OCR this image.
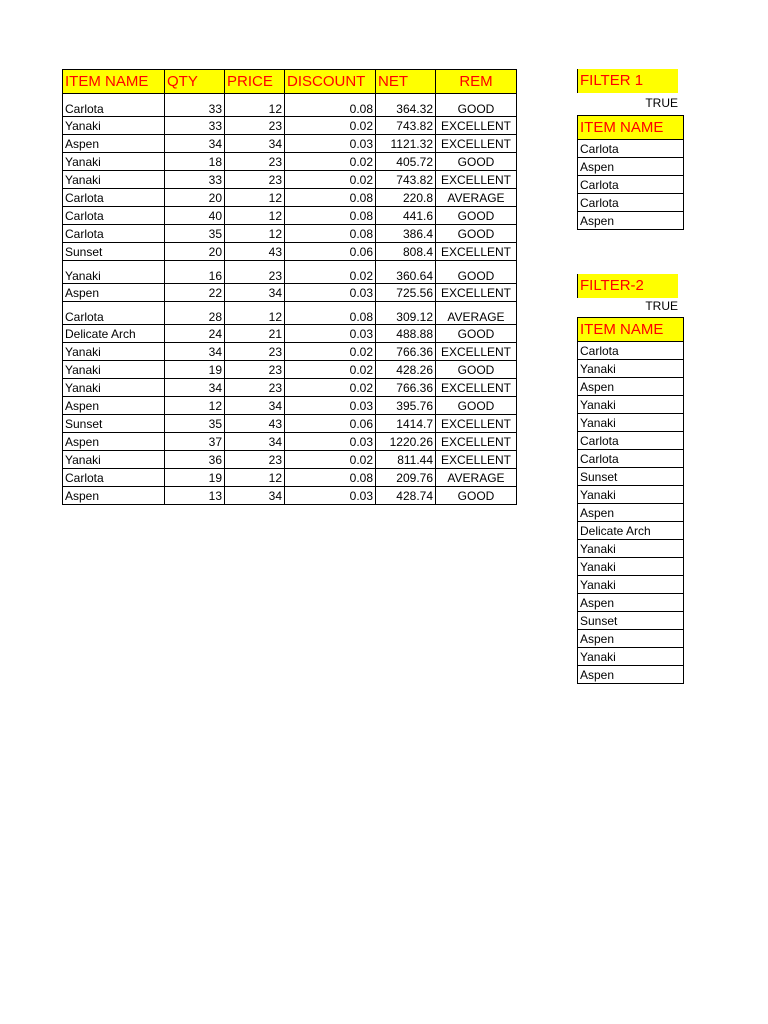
ITEM NAME	QTY	PRICE	DISCOUNT	NET	REM
Carlota	33	12	0.08	364.32	GOOD
Yanaki	33	23	0.02	743.82	EXCELLENT
Aspen	34	34	0.03	1121.32	EXCELLENT
Yanaki	18	23	0.02	405.72	GOOD
Yanaki	33	23	0.02	743.82	EXCELLENT
Carlota	20	12	0.08	220.8	AVERAGE
Carlota	40	12	0.08	441.6	GOOD
Carlota	35	12	0.08	386.4	GOOD
Sunset	20	43	0.06	808.4	EXCELLENT
Yanaki	16	23	0.02	360.64	GOOD
Aspen	22	34	0.03	725.56	EXCELLENT
Carlota	28	12	0.08	309.12	AVERAGE
Delicate Arch	24	21	0.03	488.88	GOOD
Yanaki	34	23	0.02	766.36	EXCELLENT
Yanaki	19	23	0.02	428.26	GOOD
Yanaki	34	23	0.02	766.36	EXCELLENT
Aspen	12	34	0.03	395.76	GOOD
Sunset	35	43	0.06	1414.7	EXCELLENT
Aspen	37	34	0.03	1220.26	EXCELLENT
Yanaki	36	23	0.02	811.44	EXCELLENT
Carlota	19	12	0.08	209.76	AVERAGE
Aspen	13	34	0.03	428.74	GOOD
FILTER 1
TRUE
ITEM NAME
Carlota
Aspen
Carlota
Carlota
Aspen
FILTER-2
TRUE
ITEM NAME
Carlota
Yanaki
Aspen
Yanaki
Yanaki
Carlota
Carlota
Sunset
Yanaki
Aspen
Delicate Arch
Yanaki
Yanaki
Yanaki
Aspen
Sunset
Aspen
Yanaki
Aspen
